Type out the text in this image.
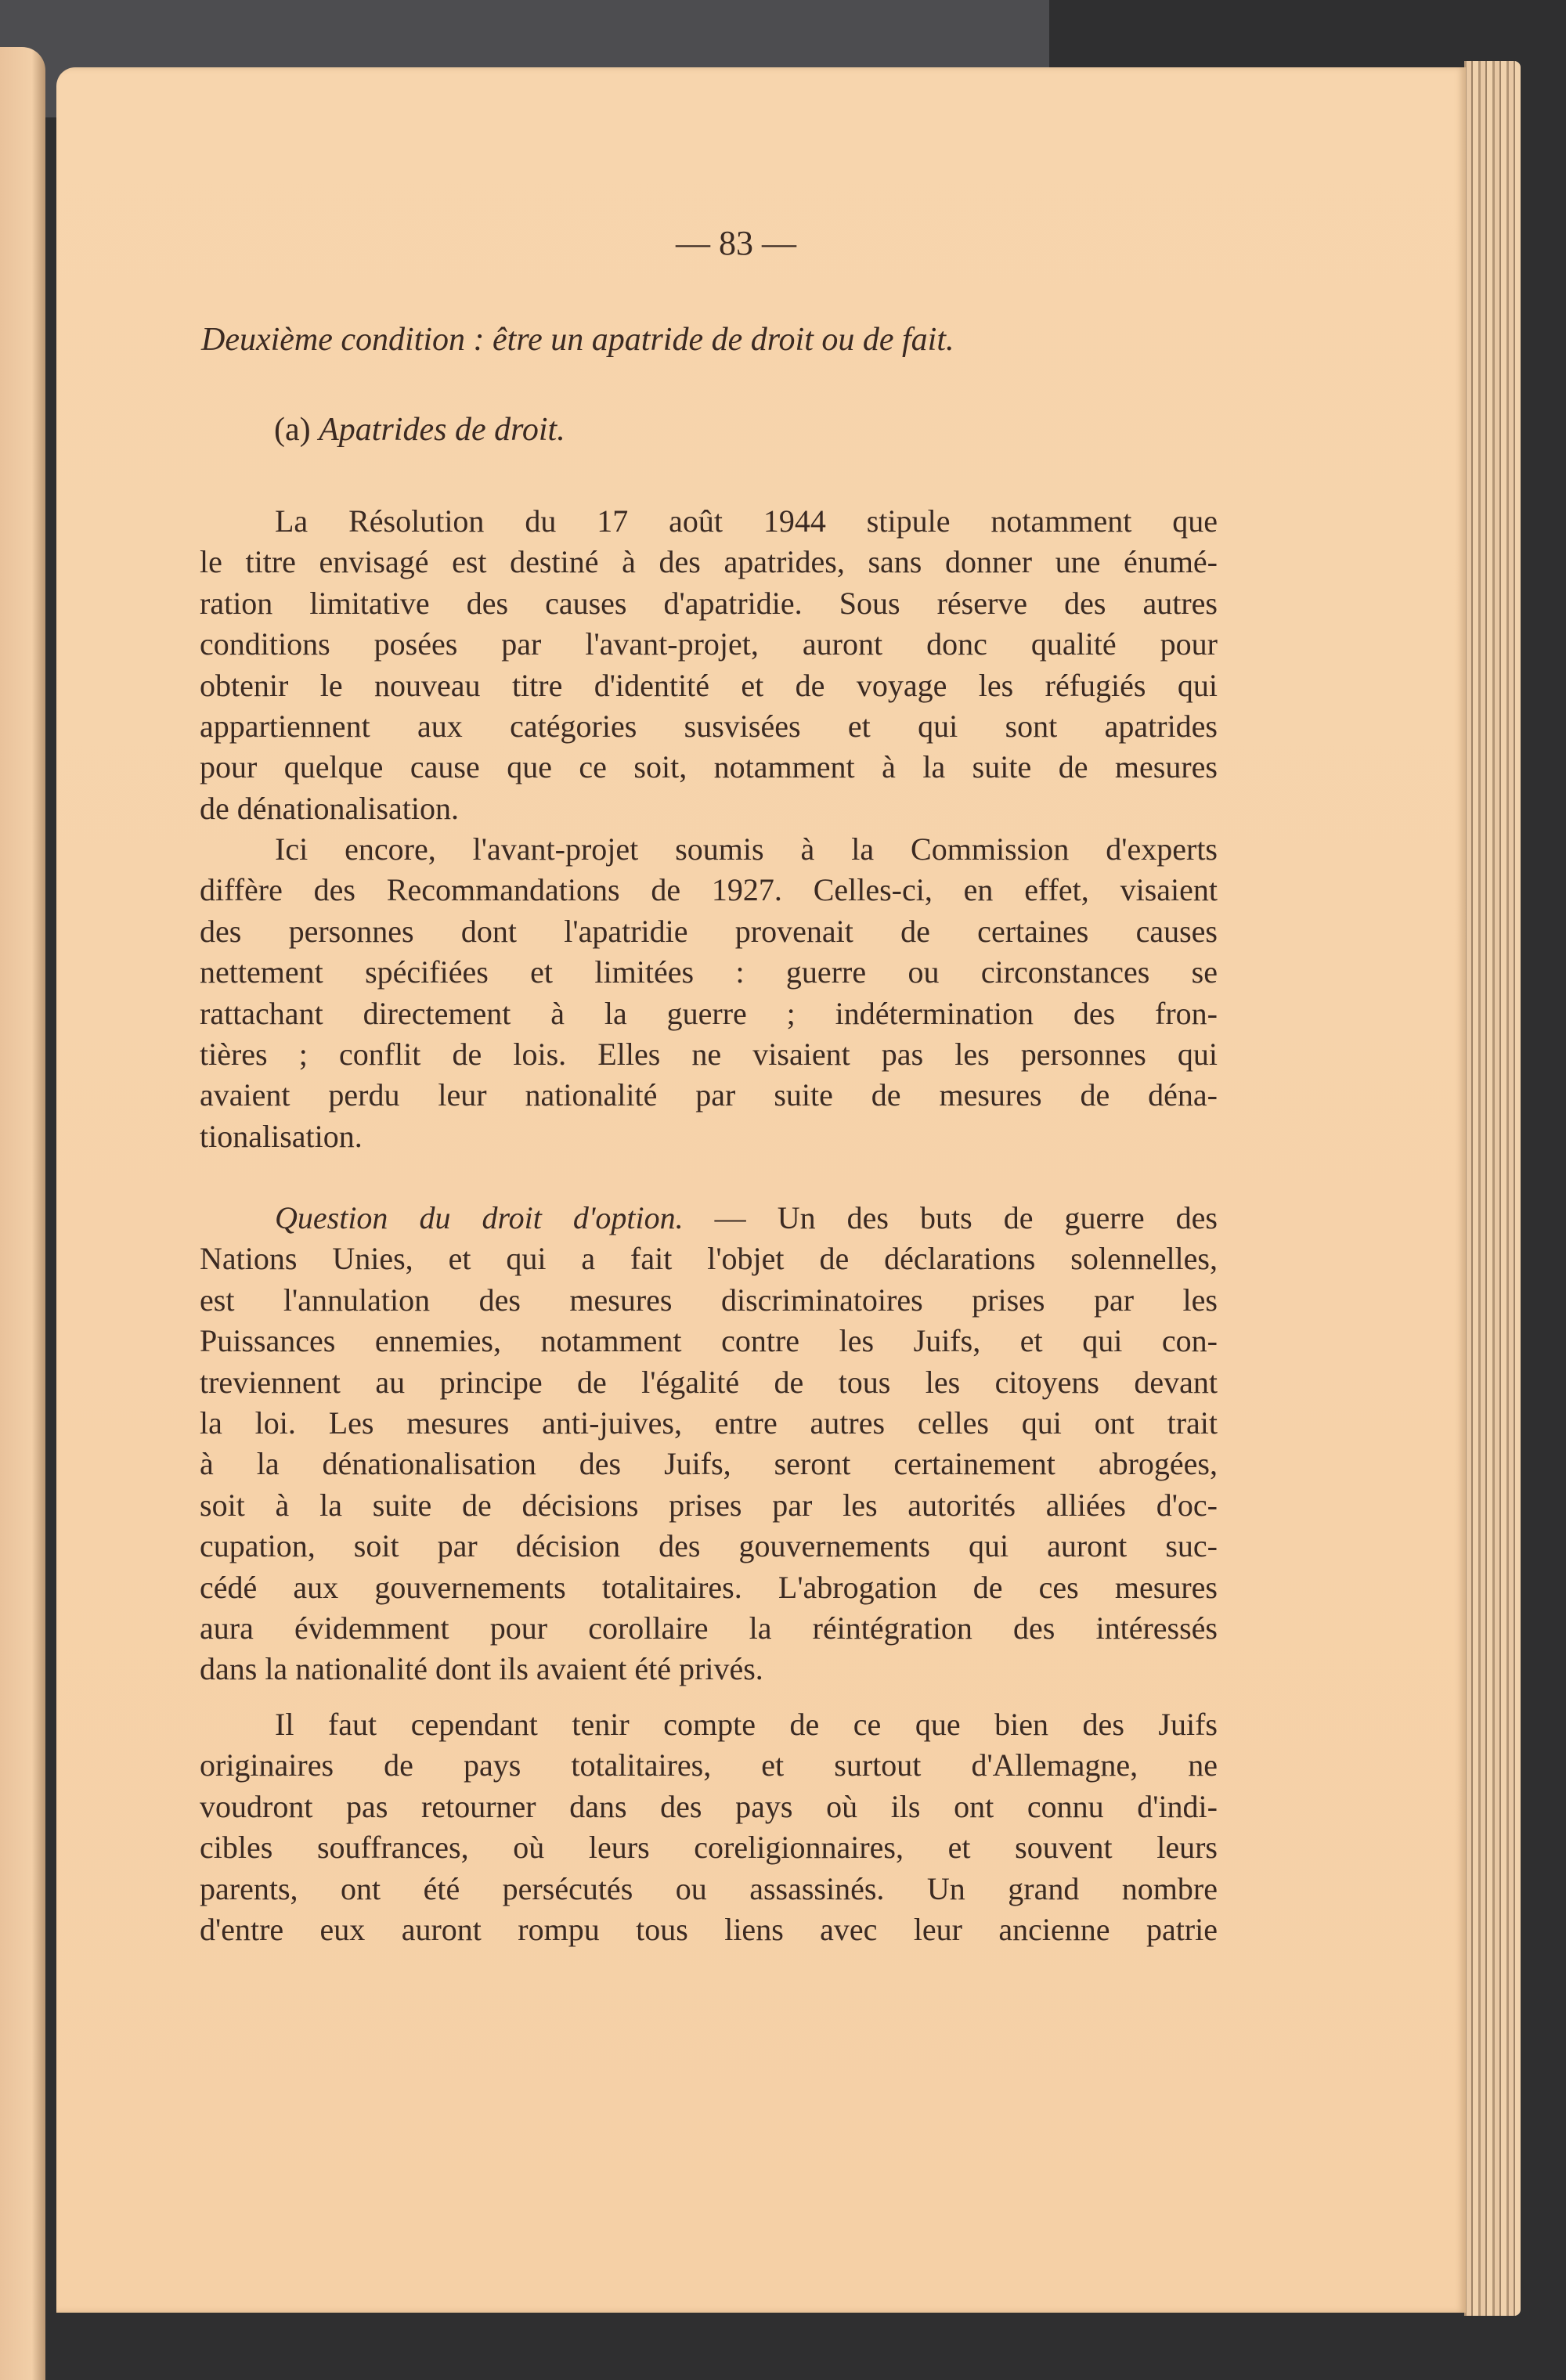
— 83 —
Deuxième condition : être un apatride de droit ou de fait.
(a) Apatrides de droit.
La Résolution du 17 août 1944 stipule notamment que
le titre envisagé est destiné à des apatrides, sans donner une énumé-
ration limitative des causes d'apatridie. Sous réserve des autres
conditions posées par l'avant-projet, auront donc qualité pour
obtenir le nouveau titre d'identité et de voyage les réfugiés qui
appartiennent aux catégories susvisées et qui sont apatrides
pour quelque cause que ce soit, notamment à la suite de mesures
de dénationalisation.
Ici encore, l'avant-projet soumis à la Commission d'experts
diffère des Recommandations de 1927. Celles-ci, en effet, visaient
des personnes dont l'apatridie provenait de certaines causes
nettement spécifiées et limitées : guerre ou circonstances se
rattachant directement à la guerre ; indétermination des fron-
tières ; conflit de lois. Elles ne visaient pas les personnes qui
avaient perdu leur nationalité par suite de mesures de déna-
tionalisation.
Question du droit d'option. — Un des buts de guerre des
Nations Unies, et qui a fait l'objet de déclarations solennelles,
est l'annulation des mesures discriminatoires prises par les
Puissances ennemies, notamment contre les Juifs, et qui con-
treviennent au principe de l'égalité de tous les citoyens devant
la loi. Les mesures anti-juives, entre autres celles qui ont trait
à la dénationalisation des Juifs, seront certainement abrogées,
soit à la suite de décisions prises par les autorités alliées d'oc-
cupation, soit par décision des gouvernements qui auront suc-
cédé aux gouvernements totalitaires. L'abrogation de ces mesures
aura évidemment pour corollaire la réintégration des intéressés
dans la nationalité dont ils avaient été privés.
Il faut cependant tenir compte de ce que bien des Juifs
originaires de pays totalitaires, et surtout d'Allemagne, ne
voudront pas retourner dans des pays où ils ont connu d'indi-
cibles souffrances, où leurs coreligionnaires, et souvent leurs
parents, ont été persécutés ou assassinés. Un grand nombre
d'entre eux auront rompu tous liens avec leur ancienne patrie
